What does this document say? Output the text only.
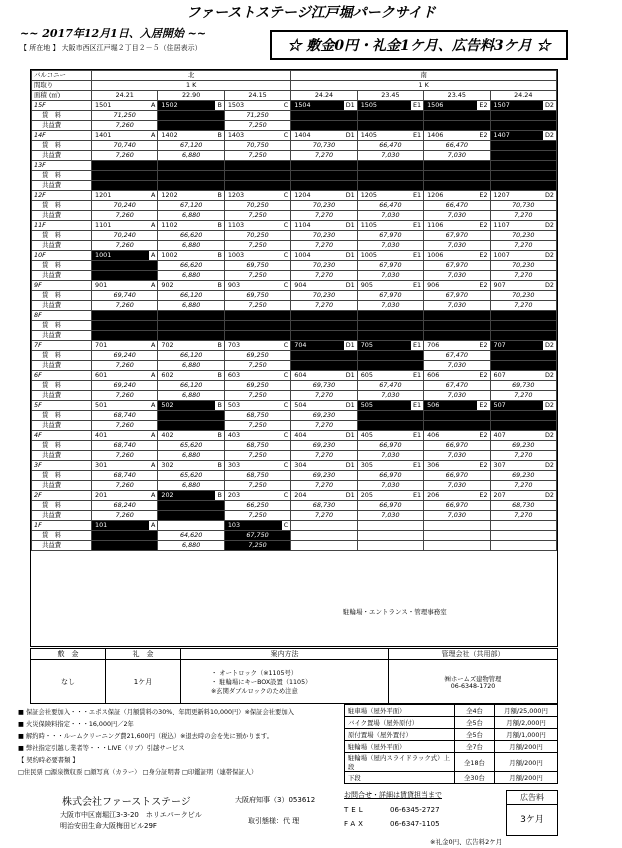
ファーストステージ江戸堀パークサイド
~~ 2017年12月1日、入居開始 ~~
【 所在地 】 大阪市西区江戸堀２丁目２－５（住居表示）	☆ 敷金0円・礼金1ケ月、広告料3ケ月 ☆
バルコニー	北			南			
間取り	1 K			1 K			
面積 (㎡)	24.21	22.90	24.15	24.24	23.45	23.45	24.24
15F	1501 A	1502 B	1503 C	1504 D1	1505 E1	1506 E2	1507 D2

賃　料	71,250		71,250				
共益費	7,260		7,250				
14F	1401 A	1402 B	1403 C	1404 D1	1405 E1	1406 E2	1407 D2

賃　料	70,740	67,120	70,750	70,730	66,470	66,470	
共益費	7,260	6,880	7,250	7,270	7,030	7,030	
13F	

賃　料							
共益費							
12F	1201 A	1202 B	1203 C	1204 D1	1205 E1	1206 E2	1207 D2

賃　料	70,240	67,120	70,250	70,230	66,470	66,470	70,730
共益費	7,260	6,880	7,250	7,270	7,030	7,030	7,270
11F	1101 A	1102 B	1103 C	1104 D1	1105 E1	1106 E2	1107 D2

賃　料	70,240	66,620	70,250	70,230	67,970	67,970	70,230
共益費	7,260	6,880	7,250	7,270	7,030	7,030	7,270
10F	1001 A	1002 B	1003 C	1004 D1	1005 E1	1006 E2	1007 D2

賃　料		66,620	69,750	70,230	67,970	67,970	70,230
共益費		6,880	7,250	7,270	7,030	7,030	7,270
9F	901 A	902 B	903 C	904 D1	905 E1	906 E2	907 D2

賃　料	69,740	66,120	69,750	70,230	67,970	67,970	70,230
共益費	7,260	6,880	7,250	7,270	7,030	7,030	7,270
8F	

賃　料							
共益費							
7F	701 A	702 B	703 C	704 D1	705 E1	706 E2	707 D2

賃　料	69,240	66,120	69,250			67,470	
共益費	7,260	6,880	7,250			7,030	
6F	601 A	602 B	603 C	604 D1	605 E1	606 E2	607 D2

賃　料	69,240	66,120	69,250	69,730	67,470	67,470	69,730
共益費	7,260	6,880	7,250	7,270	7,030	7,030	7,270
5F	501 A	502 B	503 C	504 D1	505 E1	506 E2	507 D2

賃　料	68,740		68,750	69,230			
共益費	7,260		7,250	7,270			
4F	401 A	402 B	403 C	404 D1	405 E1	406 E2	407 D2

賃　料	68,740	65,620	68,750	69,230	66,970	66,970	69,230
共益費	7,260	6,880	7,250	7,270	7,030	7,030	7,270
3F	301 A	302 B	303 C	304 D1	305 E1	306 E2	307 D2

賃　料	68,740	65,620	68,750	69,230	66,970	66,970	69,230
共益費	7,260	6,880	7,250	7,270	7,030	7,030	7,270
2F	201 A	202 B	203 C	204 D1	205 E1	206 E2	207 D2

賃　料	68,240		66,250	68,730	66,970	66,970	68,730
共益費	7,260		7,250	7,270	7,030	7,030	7,270
1F	101 A		103 C				

賃　料		64,620	67,750				
共益費		6,880	7,250				
駐輪場・エントランス・管理事務室
敷　金	礼　金	案内方法	管理会社（共用部）
なし	1ケ月	・ オートロック（※1105号）
・ 駐輪場にキーBOX設置（1105）
※玄関ダブルロックのため注意	㈱ホームズ建物管理
06-6348-1720
■ 保証会社要加入・・・エポス保証（月額賃料の30%、年間更新料10,000円）※保証会社要加入
■ 火災保険料指定・・・16,000円／2年
■ 解約時・・・ルームクリーニング費21,600円（税込）※退去時の会を先に預かります。
■ 弊社指定引越し業者等・・・LIVE（リブ）引越サービス
【 契約時必要書類 】
□住民票 □源泉徴収票 □顔写真（カラー） □身分証明書 □印鑑証明（連帯保証人）
駐車場（屋外平面）	全4台	月額/25,000円
バイク置場（屋外原付）	全5台	月額/2,000円
原付置場（屋外置付）	全5台	月額/1,000円
駐輪場（屋外平面）	全7台	月額/200円
駐輪場（屋内スライドラック式）上段	全18台	月額/200円
下段	全30台	月額/200円
株式会社ファーストステージ
大阪市中区南堀江3-3-20　ホリエパークビル
明治安田生命大阪梅田ビル29F
大阪府知事（3）053612
取引態様：代 理
お問合せ・詳細は賃貸担当まで
TEL	06-6345-2727
FAX	06-6347-1105
広告料
3ケ月
※礼金0円、広告料2ケ月
